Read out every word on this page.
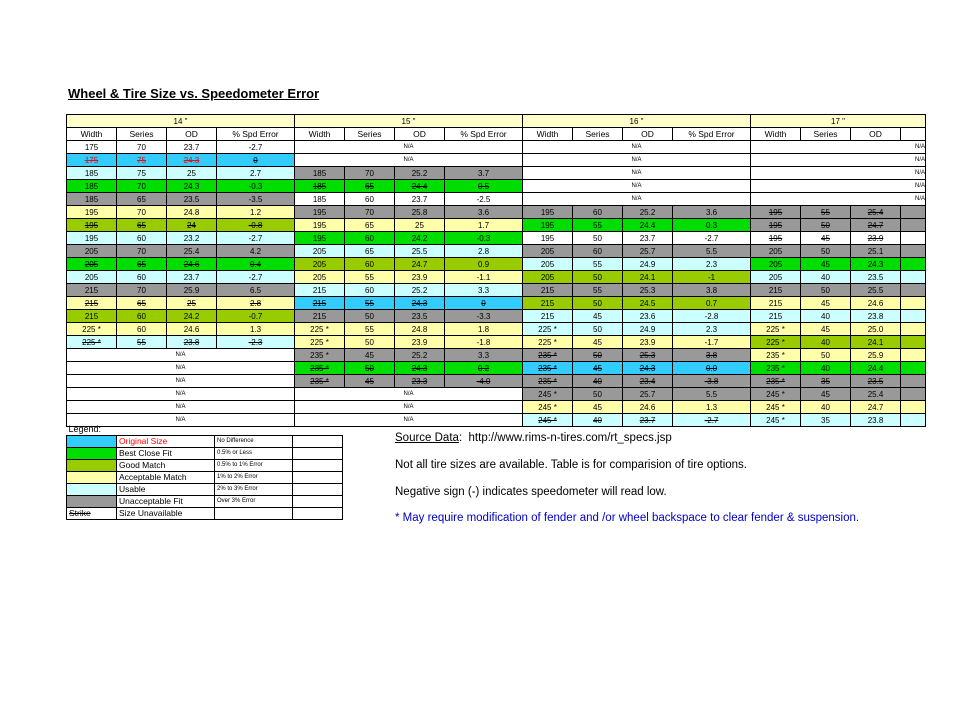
Wheel & Tire Size vs. Speedometer Error
14 "				15 "				16 "				17 "			
Width	Series	OD	% Spd Error	Width	Series	OD	% Spd Error	Width	Series	OD	% Spd Error	Width	Series	OD	
175	70	23.7	-2.7	N/A				N/A				N/A			
175	75	24.3	0	N/A				N/A				N/A			
185	75	25	2.7	185	70	25.2	3.7	N/A				N/A			
185	70	24.3	-0.3	185	65	24.4	0.5	N/A				N/A			
185	65	23.5	-3.5	185	60	23.7	-2.5	N/A				N/A			
195	70	24.8	1.2	195	70	25.8	3.6	195	60	25.2	3.6	195	55	25.4	
195	65	24	-0.8	195	65	25	1.7	195	55	24.4	0.3	195	50	24.7	
195	60	23.2	-2.7	195	60	24.2	-0.3	195	50	23.7	-2.7	195	45	23.9	
205	70	25.4	4.2	205	65	25.5	2.8	205	60	25.7	5.5	205	50	25.1	
205	65	24.6	0.4	205	60	24.7	0.9	205	55	24.9	2.3	205	45	24.3	
205	60	23.7	-2.7	205	55	23.9	-1.1	205	50	24.1	-1	205	40	23.5	
215	70	25.9	6.5	215	60	25.2	3.3	215	55	25.3	3.8	215	50	25.5	
215	65	25	2.8	215	55	24.3	0	215	50	24.5	0.7	215	45	24.6	
215	60	24.2	-0.7	215	50	23.5	-3.3	215	45	23.6	-2.8	215	40	23.8	
225 *	60	24.6	1.3	225 *	55	24.8	1.8	225 *	50	24.9	2.3	225 *	45	25.0	
225 *	55	23.8	-2.3	225 *	50	23.9	-1.8	225 *	45	23.9	-1.7	225 *	40	24.1	
N/A				235 *	45	25.2	3.3	235 *	50	25.3	3.8	235 *	50	25.9	
N/A				235 *	50	24.3	0.2	235 *	45	24.3	0.0	235 *	40	24.4	
N/A				235 *	45	23.3	-4.0	235 *	40	23.4	-3.8	235 *	35	23.5	
N/A				N/A				245 *	50	25.7	5.5	245 *	45	25.4	
N/A				N/A				245 *	45	24.6	1.3	245 *	40	24.7	
N/A				N/A				245 *	40	23.7	-2.7	245 *	35	23.8	
Legend:			
	Original Size	No Difference	
	Best Close Fit	0.5% or Less	
	Good Match	0.5% to 1% Error	
	Acceptable Match	1% to 2% Error	
	Usable	2% to 3% Error	
	Unacceptable Fit	Over 3% Error	
Strike	Size Unavailable		
Source Data:  http://www.rims-n-tires.com/rt_specs.jsp
Not all tire sizes are available. Table is for comparision of tire options.
Negative sign (-) indicates speedometer will read low.
* May require modification of fender and /or wheel backspace to clear fender & suspension.
